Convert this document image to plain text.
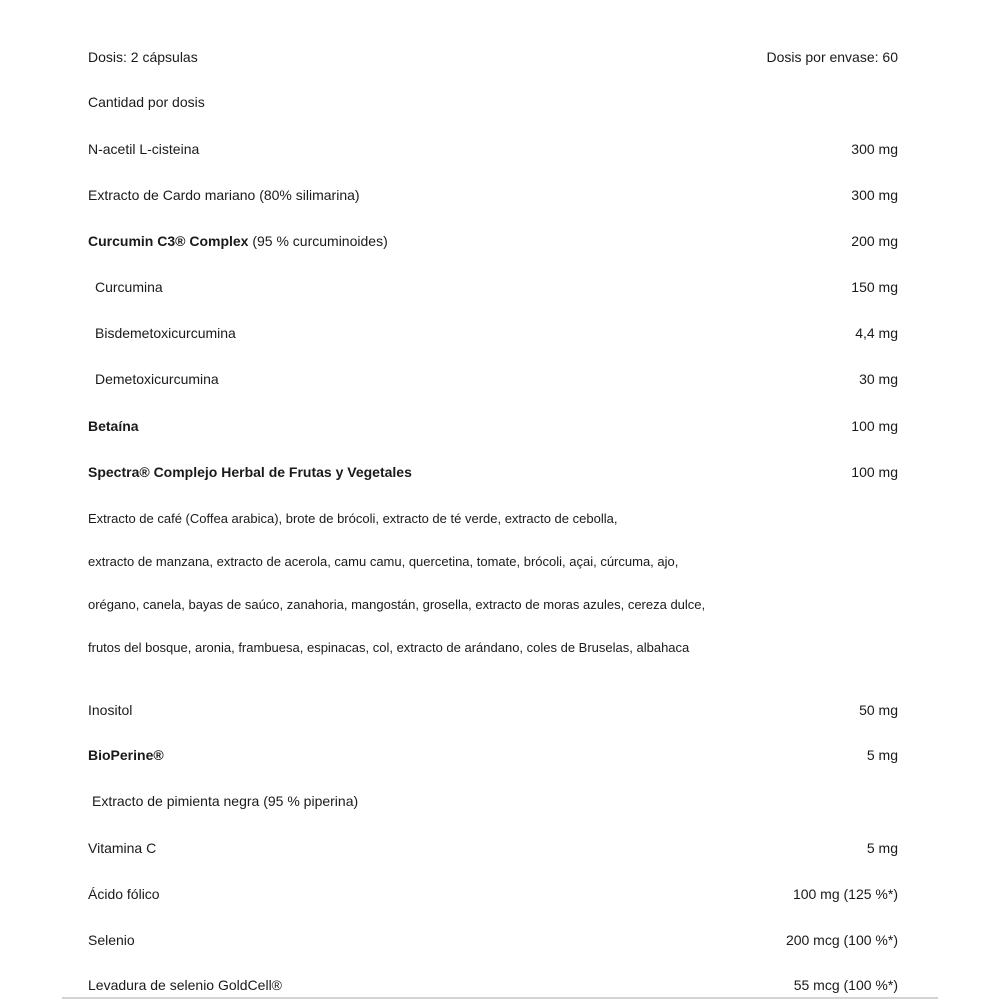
Dosis: 2 cápsulas	Dosis por envase: 60
Cantidad por dosis
N-acetil L-cisteina	300 mg
Extracto de Cardo mariano (80% silimarina)	300 mg
Curcumin C3® Complex (95 % curcuminoides)	200 mg
Curcumina	150 mg
Bisdemetoxicurcumina	4,4 mg
Demetoxicurcumina	30 mg
Betaína	100 mg
Spectra® Complejo Herbal de Frutas y Vegetales	100 mg
Extracto de café (Coffea arabica), brote de brócoli, extracto de té verde, extracto de cebolla,
extracto de manzana, extracto de acerola, camu camu, quercetina, tomate, brócoli, açai, cúrcuma, ajo,
orégano, canela, bayas de saúco, zanahoria, mangostán, grosella, extracto de moras azules, cereza dulce,
frutos del bosque, aronia, frambuesa, espinacas, col, extracto de arándano, coles de Bruselas, albahaca
Inositol	50 mg
BioPerine®	5 mg
Extracto de pimienta negra (95 % piperina)
Vitamina C	5 mg
Ácido fólico	100 mg (125 %*)
Selenio	200 mcg (100 %*)
Levadura de selenio GoldCell®	55 mcg (100 %*)
